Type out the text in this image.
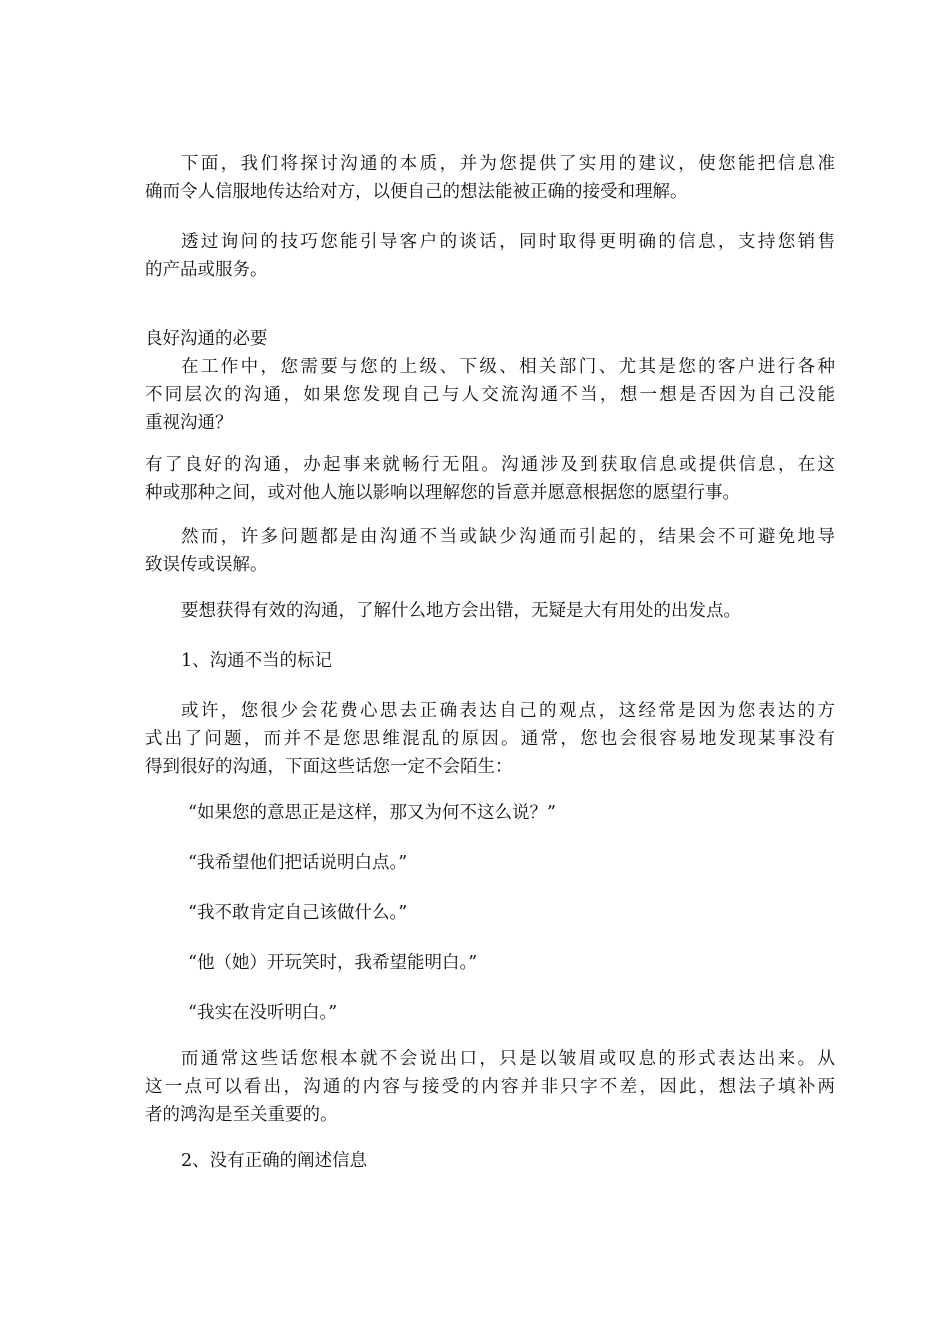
下面，我们将探讨沟通的本质，并为您提供了实用的建议，使您能把信息准

确而令人信服地传达给对方，以便自己的想法能被正确的接受和理解。

透过询问的技巧您能引导客户的谈话，同时取得更明确的信息，支持您销售

的产品或服务。

良好沟通的必要

在工作中，您需要与您的上级、下级、相关部门、尤其是您的客户进行各种

不同层次的沟通，如果您发现自己与人交流沟通不当，想一想是否因为自己没能

重视沟通？

有了良好的沟通，办起事来就畅行无阻。沟通涉及到获取信息或提供信息，在这

种或那种之间，或对他人施以影响以理解您的旨意并愿意根据您的愿望行事。

然而，许多问题都是由沟通不当或缺少沟通而引起的，结果会不可避免地导

致误传或误解。

要想获得有效的沟通，了解什么地方会出错，无疑是大有用处的出发点。

1、沟通不当的标记

或许，您很少会花费心思去正确表达自己的观点，这经常是因为您表达的方

式出了问题，而并不是您思维混乱的原因。通常，您也会很容易地发现某事没有

得到很好的沟通，下面这些话您一定不会陌生：

“如果您的意思正是这样，那又为何不这么说？”

“我希望他们把话说明白点。”

“我不敢肯定自己该做什么。”

“他（她）开玩笑时，我希望能明白。”

“我实在没听明白。”

而通常这些话您根本就不会说出口，只是以皱眉或叹息的形式表达出来。从

这一点可以看出，沟通的内容与接受的内容并非只字不差，因此，想法子填补两

者的鸿沟是至关重要的。

2、没有正确的阐述信息
